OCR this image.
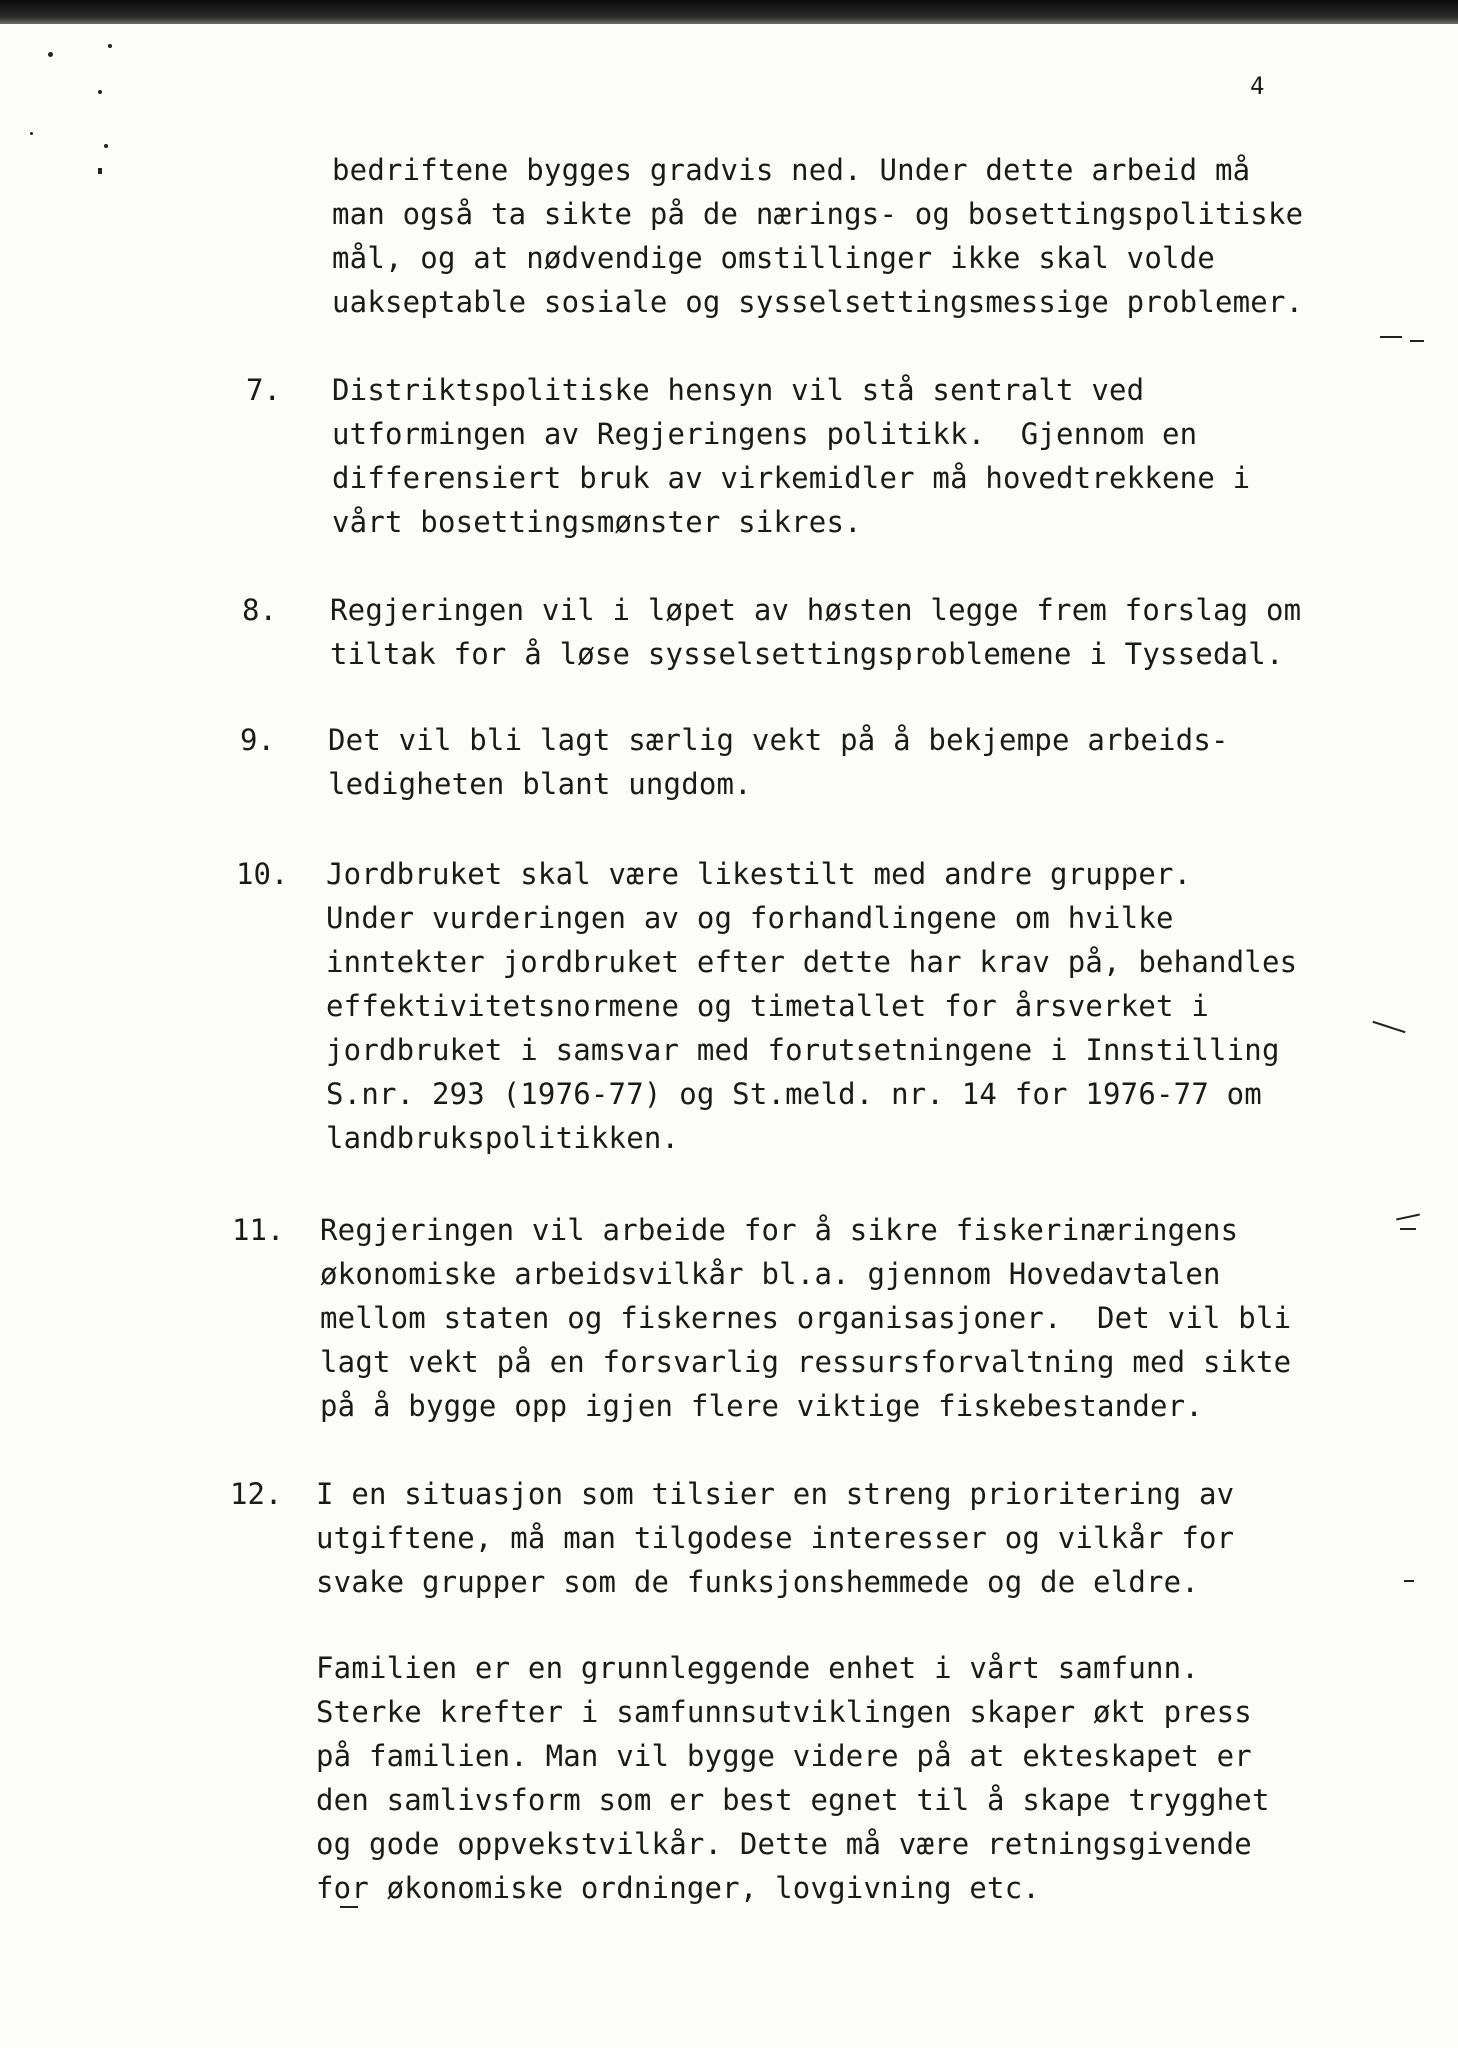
4
bedriftene bygges gradvis ned. Under dette arbeid må
man også ta sikte på de nærings- og bosettingspolitiske
mål, og at nødvendige omstillinger ikke skal volde
uakseptable sosiale og sysselsettingsmessige problemer.
7. Distriktspolitiske hensyn vil stå sentralt ved
utformingen av Regjeringens politikk.  Gjennom en
differensiert bruk av virkemidler må hovedtrekkene i
vårt bosettingsmønster sikres.
8. Regjeringen vil i løpet av høsten legge frem forslag om
tiltak for å løse sysselsettingsproblemene i Tyssedal.
9. Det vil bli lagt særlig vekt på å bekjempe arbeids-
ledigheten blant ungdom.
10. Jordbruket skal være likestilt med andre grupper.
Under vurderingen av og forhandlingene om hvilke
inntekter jordbruket efter dette har krav på, behandles
effektivitetsnormene og timetallet for årsverket i
jordbruket i samsvar med forutsetningene i Innstilling
S.nr. 293 (1976-77) og St.meld. nr. 14 for 1976-77 om
landbrukspolitikken.
11. Regjeringen vil arbeide for å sikre fiskerinæringens
økonomiske arbeidsvilkår bl.a. gjennom Hovedavtalen
mellom staten og fiskernes organisasjoner.  Det vil bli
lagt vekt på en forsvarlig ressursforvaltning med sikte
på å bygge opp igjen flere viktige fiskebestander.
12. I en situasjon som tilsier en streng prioritering av
utgiftene, må man tilgodese interesser og vilkår for
svake grupper som de funksjonshemmede og de eldre.
Familien er en grunnleggende enhet i vårt samfunn.
Sterke krefter i samfunnsutviklingen skaper økt press
på familien. Man vil bygge videre på at ekteskapet er
den samlivsform som er best egnet til å skape trygghet
og gode oppvekstvilkår. Dette må være retningsgivende
for økonomiske ordninger, lovgivning etc.
